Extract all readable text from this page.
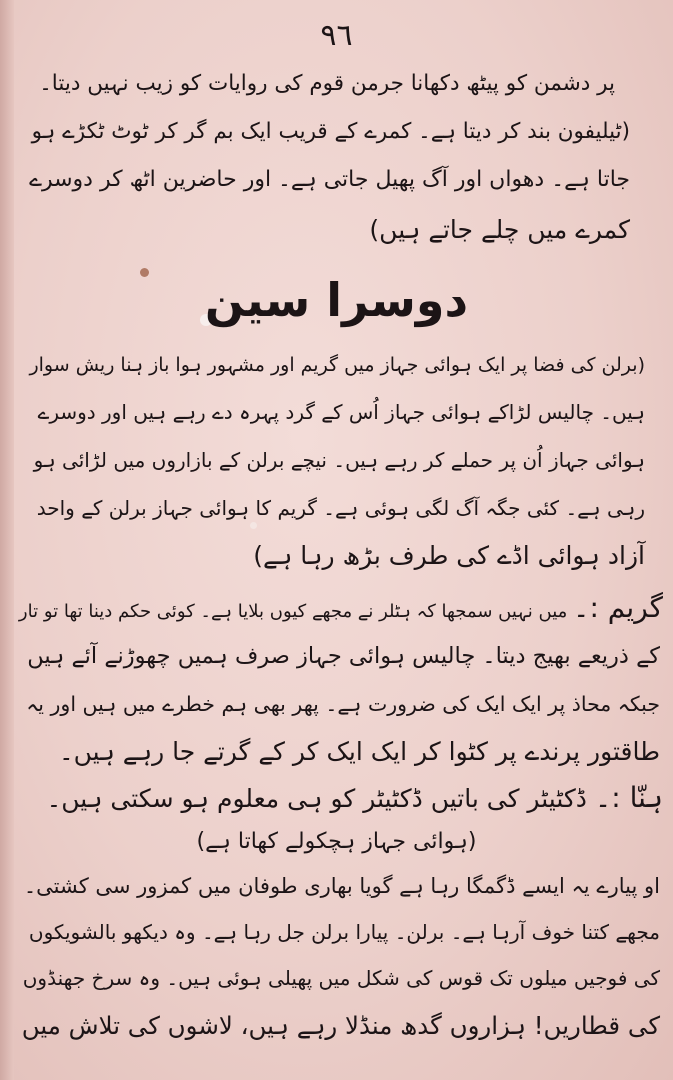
٩٦
پر دشمن کو پیٹھ دکھانا جرمن قوم کی روایات کو زیب نہیں دیتا۔
(ٹیلیفون بند کر دیتا ہے۔ کمرے کے قریب ایک بم گر کر ٹوٹ ٹکڑے ہو
جاتا ہے۔ دھواں اور آگ پھیل جاتی ہے۔ اور حاضرین اٹھ کر دوسرے
کمرے میں چلے جاتے ہیں)
دوسرا سین
(برلن کی فضا پر ایک ہوائی جہاز میں گریم اور مشہور ہوا باز ہنا ریش سوار
ہیں۔ چالیس لڑاکے ہوائی جہاز اُس کے گرد پہرہ دے رہے ہیں اور دوسرے
ہوائی جہاز اُن پر حملے کر رہے ہیں۔ نیچے برلن کے بازاروں میں لڑائی ہو
رہی ہے۔ کئی جگہ آگ لگی ہوئی ہے۔ گریم کا ہوائی جہاز برلن کے واحد
آزاد ہوائی اڈے کی طرف بڑھ رہا ہے)
گریم :۔ میں نہیں سمجھا کہ ہٹلر نے مجھے کیوں بلایا ہے۔ کوئی حکم دینا تھا تو تار
کے ذریعے بھیج دیتا۔ چالیس ہوائی جہاز صرف ہمیں چھوڑنے آئے ہیں
جبکہ محاذ پر ایک ایک کی ضرورت ہے۔ پھر بھی ہم خطرے میں ہیں اور یہ
طاقتور پرندے پر کٹوا کر ایک ایک کر کے گرتے جا رہے ہیں۔
ہنّا :۔ ڈکٹیٹر کی باتیں ڈکٹیٹر کو ہی معلوم ہو سکتی ہیں۔
(ہوائی جہاز ہچکولے کھاتا ہے)
او پیارے یہ ایسے ڈگمگا رہا ہے گویا بھاری طوفان میں کمزور سی کشتی۔
مجھے کتنا خوف آرہا ہے۔ برلن۔ پیارا برلن جل رہا ہے۔ وہ دیکھو بالشویکوں
کی فوجیں میلوں تک قوس کی شکل میں پھیلی ہوئی ہیں۔ وہ سرخ جھنڈوں
کی قطاریں! ہزاروں گدھ منڈلا رہے ہیں، لاشوں کی تلاش میں
